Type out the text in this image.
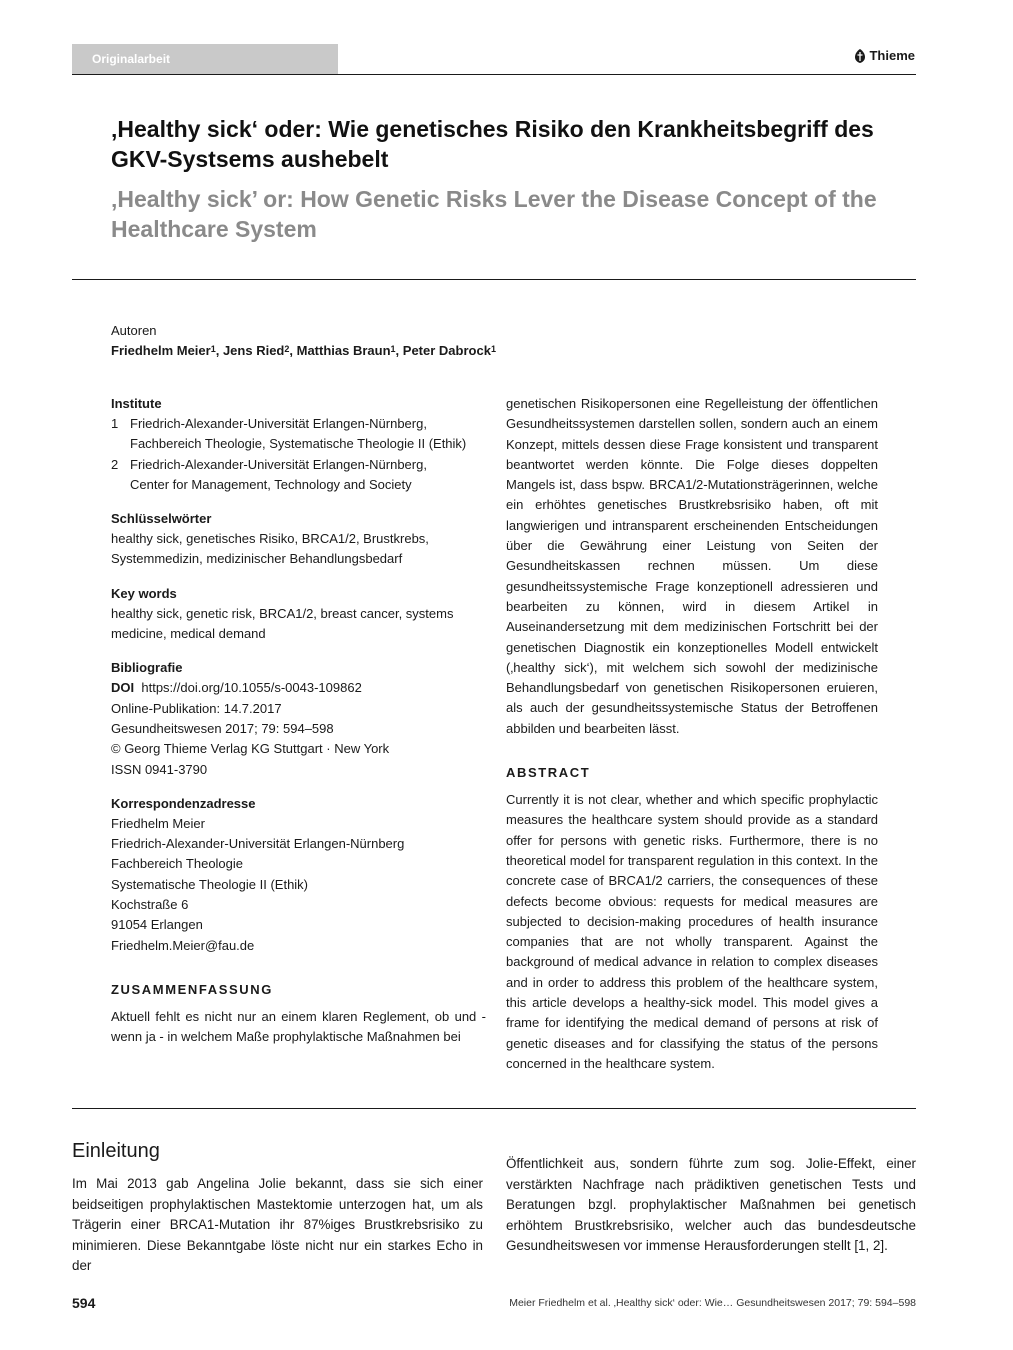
Originalarbeit	Thieme
‚Healthy sick‘ oder: Wie genetisches Risiko den Krankheitsbegriff des GKV-Systsems aushebelt
‚Healthy sick’ or: How Genetic Risks Lever the Disease Concept of the Healthcare System
Autoren
Friedhelm Meier$^1$, Jens Ried$^2$, Matthias Braun$^1$, Peter Dabrock$^1$
Institute
1 Friedrich-Alexander-Universität Erlangen-Nürnberg,
Fachbereich Theologie, Systematische Theologie II (Ethik)
2 Friedrich-Alexander-Universität Erlangen-Nürnberg,
Center for Management, Technology and Society
Schlüsselwörter
healthy sick, genetisches Risiko, BRCA1/2, Brustkrebs,
Systemmedizin, medizinischer Behandlungsbedarf
Key words
healthy sick, genetic risk, BRCA1/2, breast cancer, systems
medicine, medical demand
Bibliografie
DOI https://doi.org/10.1055/s-0043-109862
Online-Publikation: 14.7.2017
Gesundheitswesen 2017; 79: 594–598
© Georg Thieme Verlag KG Stuttgart · New York
ISSN 0941-3790
Korrespondenzadresse
Friedhelm Meier
Friedrich-Alexander-Universität Erlangen-Nürnberg
Fachbereich Theologie
Systematische Theologie II (Ethik)
Kochstraße 6
91054 Erlangen
Friedhelm.Meier@fau.de
ZUSAMMENFASSUNG
Aktuell fehlt es nicht nur an einem klaren Reglement, ob und - wenn ja - in welchem Maße prophylaktische Maßnahmen bei
genetischen Risikopersonen eine Regelleistung der öffentlichen Gesundheitssystemen darstellen sollen, sondern auch an einem Konzept, mittels dessen diese Frage konsistent und transparent beantwortet werden könnte. Die Folge dieses doppelten Mangels ist, dass bspw. BRCA1/2-Mutationsträgerinnen, welche ein erhöhtes genetisches Brustkrebsrisiko haben, oft mit langwierigen und intransparent erscheinenden Entscheidungen über die Gewährung einer Leistung von Seiten der Gesundheitskassen rechnen müssen. Um diese gesundheitssystemische Frage konzeptionell adressieren und bearbeiten zu können, wird in diesem Artikel in Auseinandersetzung mit dem medizinischen Fortschritt bei der genetischen Diagnostik ein konzeptionelles Modell entwickelt (‚healthy sick‘), mit welchem sich sowohl der medizinische Behandlungsbedarf von genetischen Risikopersonen eruieren, als auch der gesundheitssystemische Status der Betroffenen abbilden und bearbeiten lässt.
ABSTRACT
Currently it is not clear, whether and which specific prophylactic measures the healthcare system should provide as a standard offer for persons with genetic risks. Furthermore, there is no theoretical model for transparent regulation in this context. In the concrete case of BRCA1/2 carriers, the consequences of these defects become obvious: requests for medical measures are subjected to decision-making procedures of health insurance companies that are not wholly transparent. Against the background of medical advance in relation to complex diseases and in order to address this problem of the healthcare system, this article develops a healthy-sick model. This model gives a frame for identifying the medical demand of persons at risk of genetic diseases and for classifying the status of the persons concerned in the healthcare system.
Einleitung
Im Mai 2013 gab Angelina Jolie bekannt, dass sie sich einer beidseitigen prophylaktischen Mastektomie unterzogen hat, um als Trägerin einer BRCA1-Mutation ihr 87%iges Brustkrebsrisiko zu minimieren. Diese Bekanntgabe löste nicht nur ein starkes Echo in der
Öffentlichkeit aus, sondern führte zum sog. Jolie-Effekt, einer verstärkten Nachfrage nach prädiktiven genetischen Tests und Beratungen bzgl. prophylaktischer Maßnahmen bei genetisch erhöhtem Brustkrebsrisiko, welcher auch das bundesdeutsche Gesundheitswesen vor immense Herausforderungen stellt [1, 2].
594	Meier Friedhelm et al. ‚Healthy sick‘ oder: Wie… Gesundheitswesen 2017; 79: 594–598
